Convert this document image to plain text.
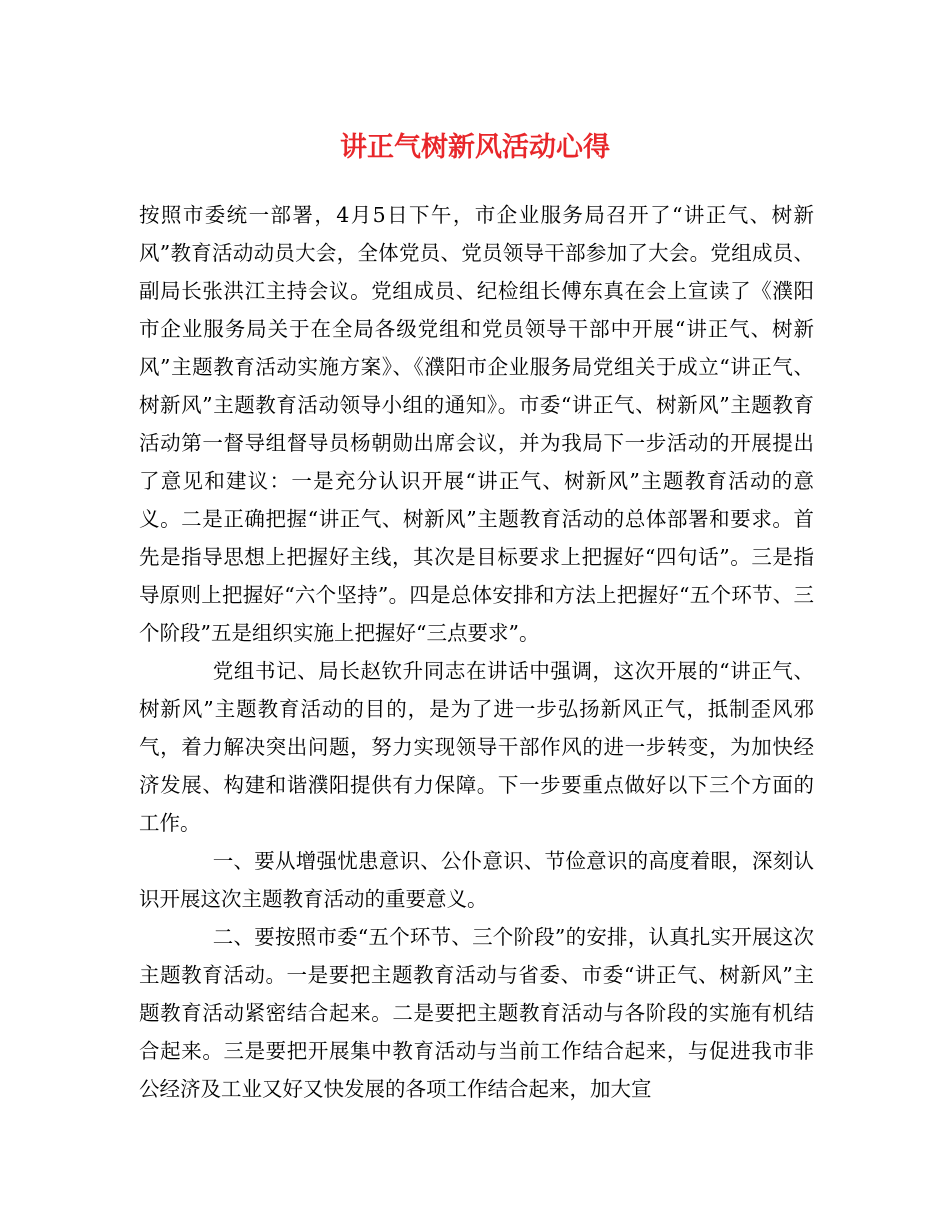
讲正气树新风活动心得

按照市委统一部署，4月5日下午，市企业服务局召开了“讲正气、树新风”教育活动动员大会，全体党员、党员领导干部参加了大会。党组成员、副局长张洪江主持会议。党组成员、纪检组长傅东真在会上宣读了《濮阳市企业服务局关于在全局各级党组和党员领导干部中开展“讲正气、树新风”主题教育活动实施方案》、《濮阳市企业服务局党组关于成立“讲正气、树新风”主题教育活动领导小组的通知》。市委“讲正气、树新风”主题教育活动第一督导组督导员杨朝勋出席会议，并为我局下一步活动的开展提出了意见和建议：一是充分认识开展“讲正气、树新风”主题教育活动的意义。二是正确把握“讲正气、树新风”主题教育活动的总体部署和要求。首先是指导思想上把握好主线，其次是目标要求上把握好“四句话”。三是指导原则上把握好“六个坚持”。四是总体安排和方法上把握好“五个环节、三个阶段”五是组织实施上把握好“三点要求”。

党组书记、局长赵钦升同志在讲话中强调，这次开展的“讲正气、树新风”主题教育活动的目的，是为了进一步弘扬新风正气，抵制歪风邪气，着力解决突出问题，努力实现领导干部作风的进一步转变，为加快经济发展、构建和谐濮阳提供有力保障。下一步要重点做好以下三个方面的工作。

一、要从增强忧患意识、公仆意识、节俭意识的高度着眼，深刻认识开展这次主题教育活动的重要意义。

二、要按照市委“五个环节、三个阶段”的安排，认真扎实开展这次主题教育活动。一是要把主题教育活动与省委、市委“讲正气、树新风”主题教育活动紧密结合起来。二是要把主题教育活动与各阶段的实施有机结合起来。三是要把开展集中教育活动与当前工作结合起来，与促进我市非公经济及工业又好又快发展的各项工作结合起来，加大宣
